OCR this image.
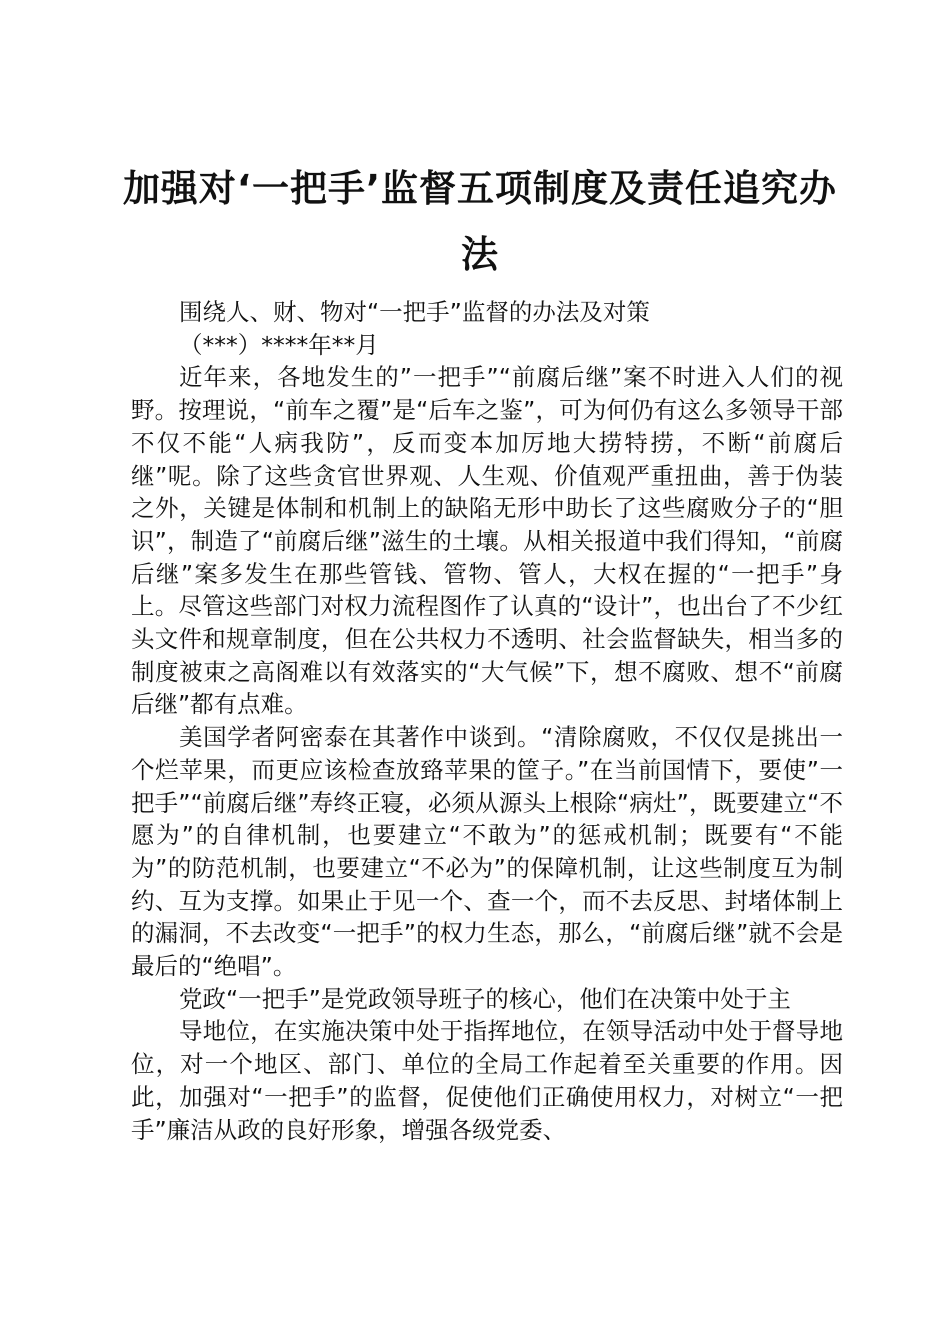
加强对‘一把手’监督五项制度及责任追究办
法

围绕人、财、物对“一把手”监督的办法及对策

（***）****年**月

近年来，各地发生的”一把手”“前腐后继”案不时进入人们的视野。按理说，“前车之覆”是“后车之鉴”，可为何仍有这么多领导干部不仅不能“人病我防”，反而变本加厉地大捞特捞，不断“前腐后继”呢。除了这些贪官世界观、人生观、价值观严重扭曲，善于伪装之外，关键是体制和机制上的缺陷无形中助长了这些腐败分子的“胆识”，制造了“前腐后继”滋生的土壤。从相关报道中我们得知，“前腐后继”案多发生在那些管钱、管物、管人，大权在握的“一把手”身上。尽管这些部门对权力流程图作了认真的“设计”，也出台了不少红头文件和规章制度，但在公共权力不透明、社会监督缺失，相当多的制度被束之高阁难以有效落实的“大气候”下，想不腐败、想不“前腐后继”都有点难。

美国学者阿密泰在其著作中谈到。“清除腐败，不仅仅是挑出一个烂苹果，而更应该检查放臵苹果的筐子。”在当前国情下，要使”一把手”“前腐后继”寿终正寝，必须从源头上根除“病灶”，既要建立“不愿为”的自律机制，也要建立“不敢为”的惩戒机制；既要有“不能为”的防范机制，也要建立“不必为”的保障机制，让这些制度互为制约、互为支撑。如果止于见一个、查一个，而不去反思、封堵体制上的漏洞，不去改变“一把手”的权力生态，那么，“前腐后继”就不会是最后的“绝唱”。

党政“一把手”是党政领导班子的核心，他们在决策中处于主

导地位，在实施决策中处于指挥地位，在领导活动中处于督导地位，对一个地区、部门、单位的全局工作起着至关重要的作用。因此，加强对“一把手”的监督，促使他们正确使用权力，对树立“一把手”廉洁从政的良好形象，增强各级党委、
